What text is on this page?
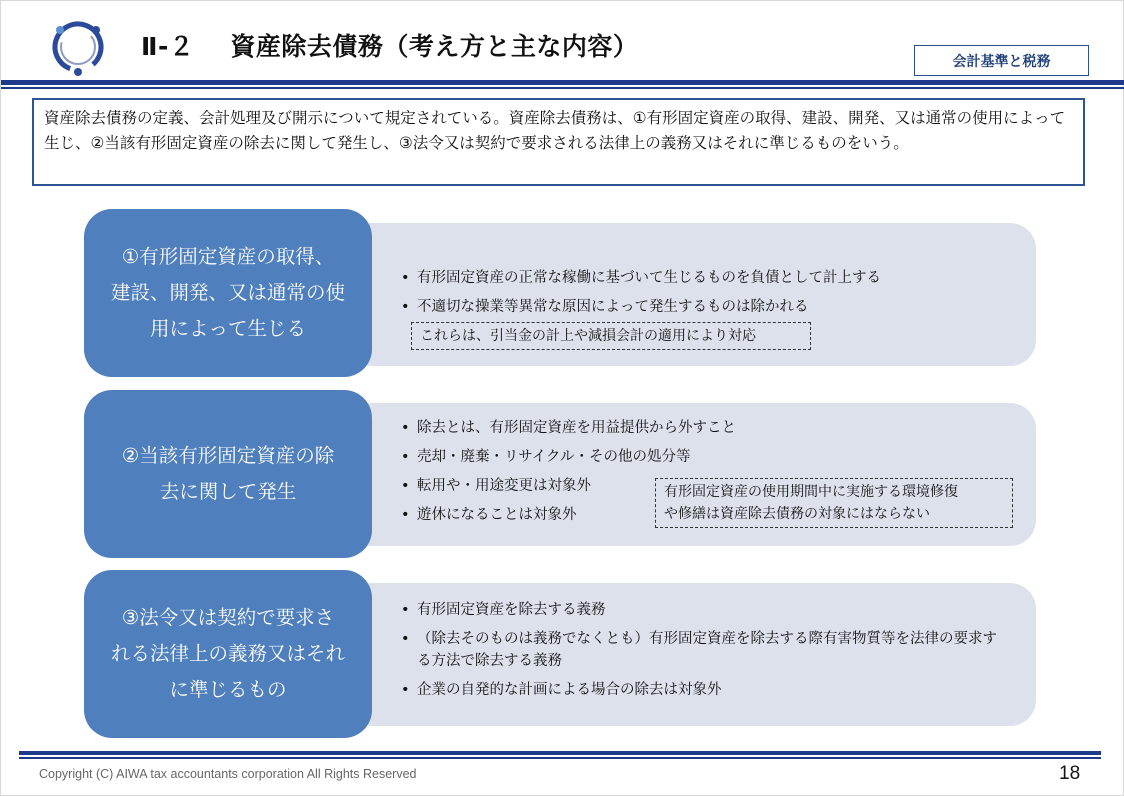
Ⅱ-２ 資産除去債務（考え方と主な内容）
会計基準と税務
資産除去債務の定義、会計処理及び開示について規定されている。資産除去債務は、①有形固定資産の取得、建設、開発、又は通常の使用によって生じ、②当該有形固定資産の除去に関して発生し、③法令又は契約で要求される法律上の義務又はそれに準じるものをいう。
①有形固定資産の取得、
建設、開発、又は通常の使
用によって生じる
• 有形固定資産の正常な稼働に基づいて生じるものを負債として計上する
• 不適切な操業等異常な原因によって発生するものは除かれる
これらは、引当金の計上や減損会計の適用により対応
②当該有形固定資産の除
去に関して発生
• 除去とは、有形固定資産を用益提供から外すこと
• 売却・廃棄・リサイクル・その他の処分等
• 転用や・用途変更は対象外
• 遊休になることは対象外
有形固定資産の使用期間中に実施する環境修復
や修繕は資産除去債務の対象にはならない
③法令又は契約で要求さ
れる法律上の義務又はそれ
に準じるもの
• 有形固定資産を除去する義務
• （除去そのものは義務でなくとも）有形固定資産を除去する際有害物質等を法律の要求する方法で除去する義務
• 企業の自発的な計画による場合の除去は対象外
Copyright (C) AIWA tax accountants corporation All Rights Reserved	18
